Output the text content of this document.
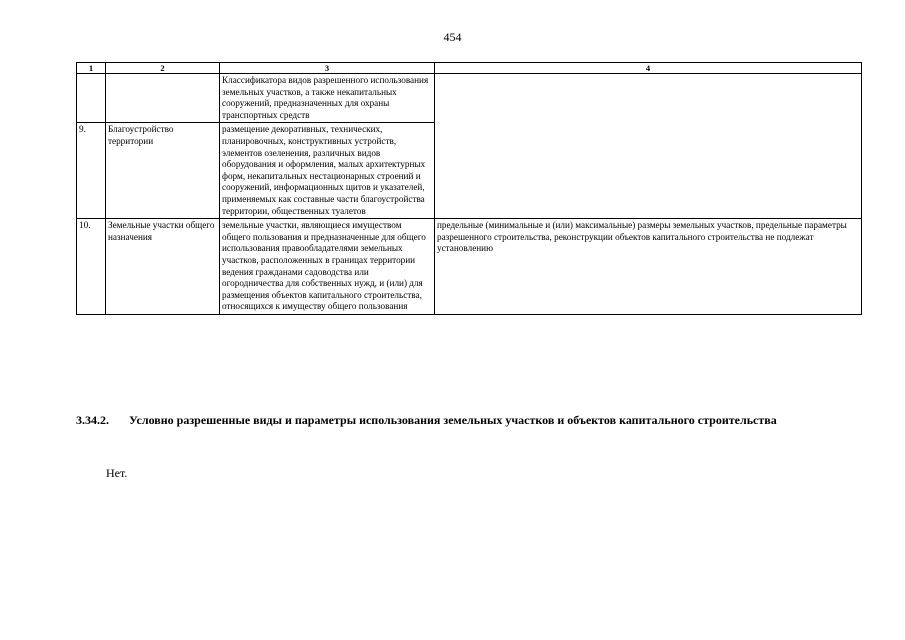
454
1	2	3	4
		Классификатора видов разрешенного использования земельных участков, а также некапитальных сооружений, предназначенных для охраны транспортных средств	
9.	Благоустройство территории	размещение декоративных, технических, планировочных, конструктивных устройств, элементов озеленения, различных видов оборудования и оформления, малых архитектурных форм, некапитальных нестационарных строений и сооружений, информационных щитов и указателей, применяемых как составные части благоустройства территории, общественных туалетов	
10.	Земельные участки общего назначения	земельные участки, являющиеся имуществом общего пользования и предназначенные для общего использования правообладателями земельных участков, расположенных в границах территории ведения гражданами садоводства или огородничества для собственных нужд, и (или) для размещения объектов капитального строительства, относящихся к имуществу общего пользования	предельные (минимальные и (или) максимальные) размеры земельных участков, предельные параметры разрешенного строительства, реконструкции объектов капитального строительства не подлежат установлению
3.34.2. Условно разрешенные виды и параметры использования земельных участков и объектов капитального строительства
Нет.
